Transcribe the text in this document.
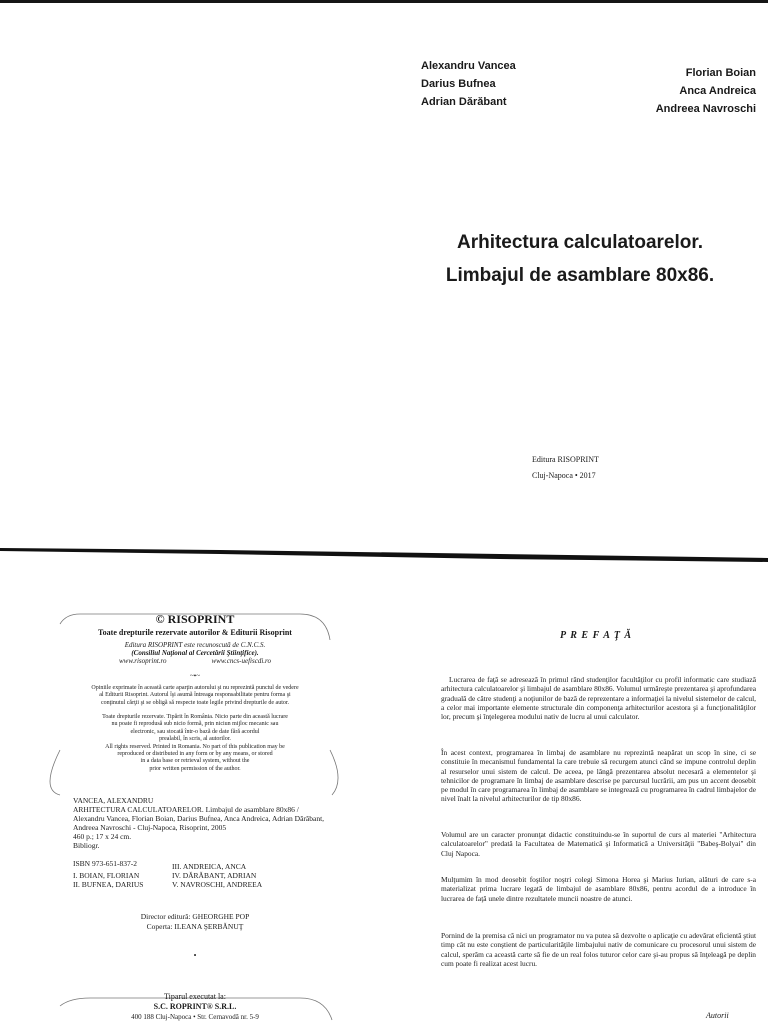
Alexandru Vancea
Darius Bufnea
Adrian Dărăbant
Florian Boian
Anca Andreica
Andreea Navroschi
Arhitectura calculatoarelor.
Limbajul de asamblare 80x86.
Editura RISOPRINT
Cluj-Napoca • 2017
© RISOPRINT
Toate drepturile rezervate autorilor & Editurii Risoprint
Editura RISOPRINT este recunoscută de C.N.C.S.
(Consiliul Naţional al Cercetării Ştiinţifice).
www.risoprint.ro	www.cncs-uefiscdi.ro
~•~
Opiniile exprimate în această carte aparţin autorului şi nu reprezintă punctul de vedere
al Editurii Risoprint. Autorul îşi asumă întreaga responsabilitate pentru forma şi
conţinutul cărţii şi se obligă să respecte toate legile privind drepturile de autor.
Toate drepturile rezervate. Tipărit în România. Nicio parte din această lucrare
nu poate fi reprodusă sub nicio formă, prin niciun mijloc mecanic sau
electronic, sau stocată într-o bază de date fără acordul
prealabil, în scris, al autorilor.
All rights reserved. Printed in Romania. No part of this publication may be
reproduced or distributed in any form or by any means, or stored
in a data base or retrieval system, without the
prior written permission of the author.
VANCEA, ALEXANDRU
ARHITECTURA CALCULATOARELOR. Limbajul de asamblare 80x86 /
Alexandru Vancea, Florian Boian, Darius Bufnea, Anca Andreica, Adrian Dărăbant,
Andreea Navroschi - Cluj-Napoca, Risoprint, 2005
460 p.; 17 x 24 cm.
Bibliogr.
ISBN 973-651-837-2
I. BOIAN, FLORIAN
II. BUFNEA, DARIUS
III. ANDREICA, ANCA
IV. DĂRĂBANT, ADRIAN
V. NAVROSCHI, ANDREEA
Director editură: GHEORGHE POP
Coperta: ILEANA ŞERBĂNUŢ
•
Tiparul executat la:
S.C. ROPRINT® S.R.L.
400 188 Cluj-Napoca • Str. Cernavodă nr. 5-9
P R E F A Ţ Ă
Lucrarea de faţă se adresează în primul rând studenţilor facultăţilor cu profil informatic care studiază arhitectura calculatoarelor şi limbajul de asamblare 80x86. Volumul urmăreşte prezentarea şi aprofundarea graduală de către studenţi a noţiunilor de bază de reprezentare a informaţiei la nivelul sistemelor de calcul, a celor mai importante elemente structurale din componenţa arhitecturilor acestora şi a funcţionalităţilor lor, precum şi înţelegerea modului nativ de lucru al unui calculator.
În acest context, programarea în limbaj de asamblare nu reprezintă neapărat un scop în sine, ci se constituie în mecanismul fundamental la care trebuie să recurgem atunci când se impune controlul deplin al resurselor unui sistem de calcul. De aceea, pe lângă prezentarea absolut necesară a elementelor şi tehnicilor de programare în limbaj de asamblare descrise pe parcursul lucrării, am pus un accent deosebit pe modul în care programarea în limbaj de asamblare se integrează cu programarea în cadrul limbajelor de nivel înalt la nivelul arhitecturilor de tip 80x86.
Volumul are un caracter pronunţat didactic constituindu-se în suportul de curs al materiei "Arhitectura calculatoarelor" predată la Facultatea de Matematică şi Informatică a Universităţii "Babeş-Bolyai" din Cluj Napoca.
Mulţumim în mod deosebit foştilor noştri colegi Simona Horea şi Marius Iurian, alături de care s-a materializat prima lucrare legată de limbajul de asamblare 80x86, pentru acordul de a introduce în lucrarea de faţă unele dintre rezultatele muncii noastre de atunci.
Pornind de la premisa că nici un programator nu va putea să dezvolte o aplicaţie cu adevărat eficientă ştiut timp cât nu este conştient de particularităţile limbajului nativ de comunicare cu procesorul unui sistem de calcul, sperăm ca această carte să fie de un real folos tuturor celor care şi-au propus să înţeleagă pe deplin cum poate fi realizat acest lucru.
Autorii
